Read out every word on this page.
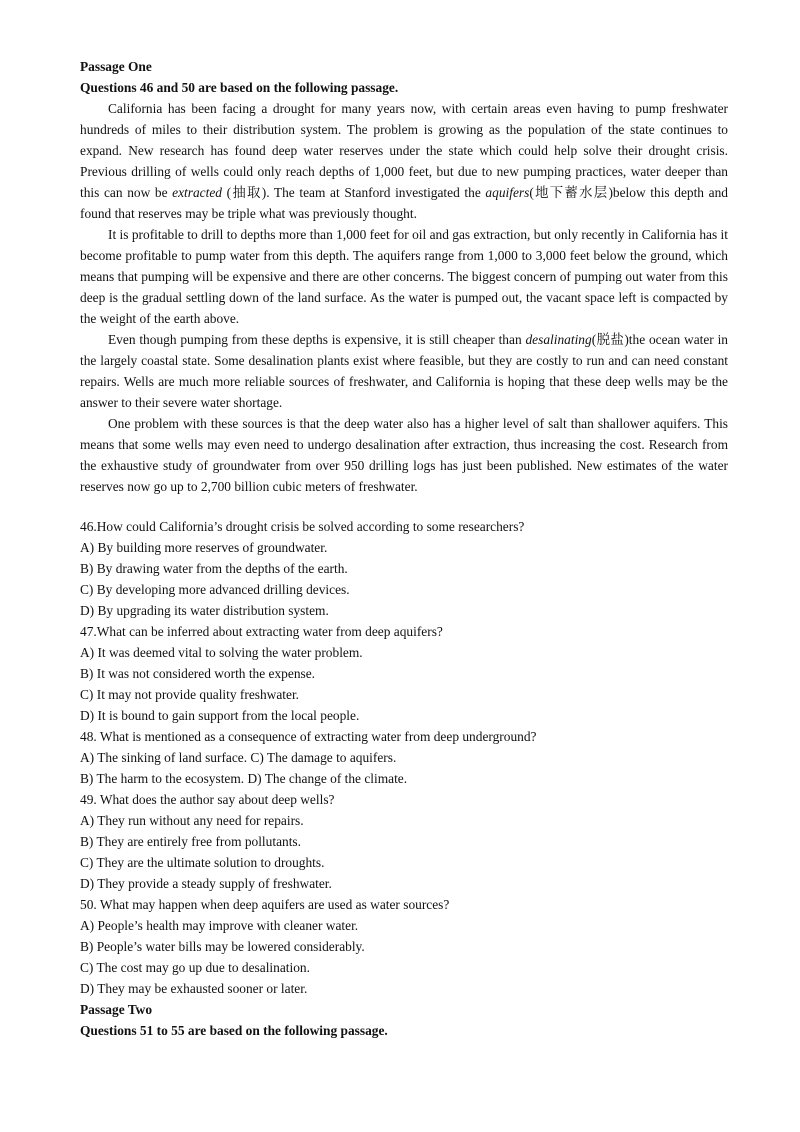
Passage One
Questions 46 and 50 are based on the following passage.

California has been facing a drought for many years now, with certain areas even having to pump freshwater hundreds of miles to their distribution system. The problem is growing as the population of the state continues to expand. New research has found deep water reserves under the state which could help solve their drought crisis. Previous drilling of wells could only reach depths of 1,000 feet, but due to new pumping practices, water deeper than this can now be extracted (抽取). The team at Stanford investigated the aquifers(地下蓄水层)below this depth and found that reserves may be triple what was previously thought.

It is profitable to drill to depths more than 1,000 feet for oil and gas extraction, but only recently in California has it become profitable to pump water from this depth. The aquifers range from 1,000 to 3,000 feet below the ground, which means that pumping will be expensive and there are other concerns. The biggest concern of pumping out water from this deep is the gradual settling down of the land surface. As the water is pumped out, the vacant space left is compacted by the weight of the earth above.

Even though pumping from these depths is expensive, it is still cheaper than desalinating(脱盐)the ocean water in the largely coastal state. Some desalination plants exist where feasible, but they are costly to run and can need constant repairs. Wells are much more reliable sources of freshwater, and California is hoping that these deep wells may be the answer to their severe water shortage.

One problem with these sources is that the deep water also has a higher level of salt than shallower aquifers. This means that some wells may even need to undergo desalination after extraction, thus increasing the cost. Research from the exhaustive study of groundwater from over 950 drilling logs has just been published. New estimates of the water reserves now go up to 2,700 billion cubic meters of freshwater.

46.How could California’s drought crisis be solved according to some researchers?
A) By building more reserves of groundwater.
B) By drawing water from the depths of the earth.
C) By developing more advanced drilling devices.
D) By upgrading its water distribution system.
47.What can be inferred about extracting water from deep aquifers?
A) It was deemed vital to solving the water problem.
B) It was not considered worth the expense.
C) It may not provide quality freshwater.
D) It is bound to gain support from the local people.
48. What is mentioned as a consequence of extracting water from deep underground?
A) The sinking of land surface. C) The damage to aquifers.
B) The harm to the ecosystem. D) The change of the climate.
49. What does the author say about deep wells?
A) They run without any need for repairs.
B) They are entirely free from pollutants.
C) They are the ultimate solution to droughts.
D) They provide a steady supply of freshwater.
50. What may happen when deep aquifers are used as water sources?
A) People’s health may improve with cleaner water.
B) People’s water bills may be lowered considerably.
C) The cost may go up due to desalination.
D) They may be exhausted sooner or later.
Passage Two
Questions 51 to 55 are based on the following passage.
